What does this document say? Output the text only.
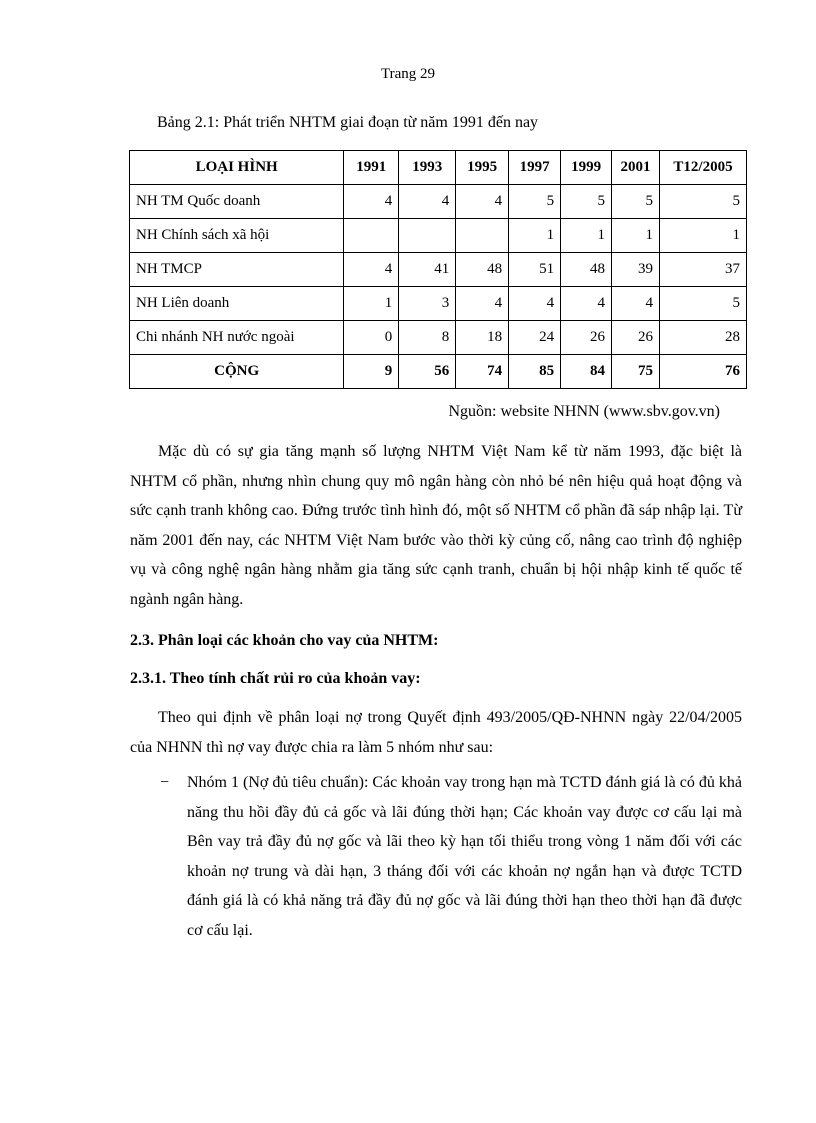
Trang 29
Bảng 2.1: Phát triển NHTM giai đoạn từ năm 1991 đến nay
LOẠI HÌNH	1991	1993	1995	1997	1999	2001	T12/2005
NH TM Quốc doanh	4	4	4	5	5	5	5
NH Chính sách xã hội				1	1	1	1
NH TMCP	4	41	48	51	48	39	37
NH Liên doanh	1	3	4	4	4	4	5
Chi nhánh NH nước ngoài	0	8	18	24	26	26	28
CỘNG	9	56	74	85	84	75	76
Nguồn: website NHNN (www.sbv.gov.vn)

Mặc dù có sự gia tăng mạnh số lượng NHTM Việt Nam kể từ năm 1993, đặc biệt là NHTM cổ phần, nhưng nhìn chung quy mô ngân hàng còn nhỏ bé nên hiệu quả hoạt động và sức cạnh tranh không cao. Đứng trước tình hình đó, một số NHTM cổ phần đã sáp nhập lại. Từ năm 2001 đến nay, các NHTM Việt Nam bước vào thời kỳ củng cố, nâng cao trình độ nghiệp vụ và công nghệ ngân hàng nhằm gia tăng sức cạnh tranh, chuẩn bị hội nhập kinh tế quốc tế ngành ngân hàng.

2.3. Phân loại các khoản cho vay của NHTM:
2.3.1. Theo tính chất rủi ro của khoản vay:

Theo qui định về phân loại nợ trong Quyết định 493/2005/QĐ-NHNN ngày 22/04/2005 của NHNN thì nợ vay được chia ra làm 5 nhóm như sau:

−	Nhóm 1 (Nợ đủ tiêu chuẩn): Các khoản vay trong hạn mà TCTD đánh giá là có đủ khả năng thu hồi đầy đủ cả gốc và lãi đúng thời hạn; Các khoản vay được cơ cấu lại mà Bên vay trả đầy đủ nợ gốc và lãi theo kỳ hạn tối thiểu trong vòng 1 năm đối với các khoản nợ trung và dài hạn, 3 tháng đối với các khoản nợ ngắn hạn và được TCTD đánh giá là có khả năng trả đầy đủ nợ gốc và lãi đúng thời hạn theo thời hạn đã được cơ cấu lại.
